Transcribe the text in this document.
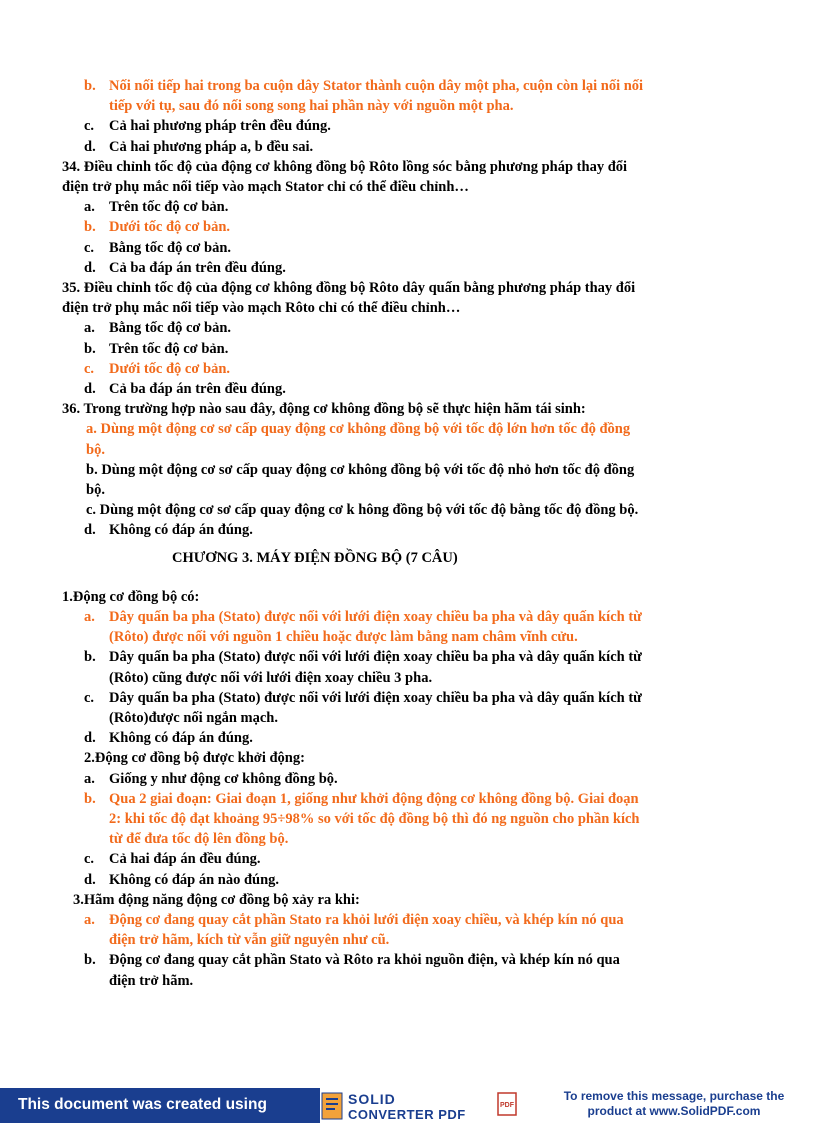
b. Nối nối tiếp hai trong ba cuộn dây Stator thành cuộn dây một pha, cuộn còn lại nối nối
tiếp với tụ, sau đó nối song song hai phần này với nguồn một pha.
c. Cả hai phương pháp trên đều đúng.
d. Cả hai phương pháp a, b đều sai.
34. Điều chỉnh tốc độ của động cơ không đồng bộ Rôto lồng sóc bằng phương pháp thay đổi
điện trở phụ mắc nối tiếp vào mạch Stator chỉ có thể điều chỉnh…
a. Trên tốc độ cơ bản.
b. Dưới tốc độ cơ bản.
c. Bằng tốc độ cơ bản.
d. Cả ba đáp án trên đều đúng.
35. Điều chỉnh tốc độ của động cơ không đồng bộ Rôto dây quấn bằng phương pháp thay đổi
điện trở phụ mắc nối tiếp vào mạch Rôto chỉ có thể điều chỉnh…
a. Bằng tốc độ cơ bản.
b. Trên tốc độ cơ bản.
c. Dưới tốc độ cơ bản.
d. Cả ba đáp án trên đều đúng.
36. Trong trường hợp nào sau đây, động cơ không đồng bộ sẽ thực hiện hãm tái sinh:
a. Dùng một động cơ sơ cấp quay động cơ không đồng bộ với tốc độ lớn hơn tốc độ đồng
bộ.
b. Dùng một động cơ sơ cấp quay động cơ không đồng bộ với tốc độ nhỏ hơn tốc độ đồng
bộ.
c. Dùng một động cơ sơ cấp quay động cơ k hông đồng bộ với tốc độ bằng tốc độ đồng bộ.
d. Không có đáp án đúng.
CHƯƠNG 3. MÁY ĐIỆN ĐỒNG BỘ (7 CÂU)
1.Động cơ đồng bộ có:
a. Dây quấn ba pha (Stato) được nối với lưới điện xoay chiều ba pha và dây quấn kích từ
(Rôto) được nối với nguồn 1 chiều hoặc được làm bằng nam châm vĩnh cửu.
b. Dây quấn ba pha (Stato) được nối với lưới điện xoay chiều ba pha và dây quấn kích từ
(Rôto) cũng được nối với lưới điện xoay chiều 3 pha.
c. Dây quấn ba pha (Stato) được nối với lưới điện xoay chiều ba pha và dây quấn kích từ
(Rôto)được nối ngắn mạch.
d. Không có đáp án đúng.
2.Động cơ đồng bộ được khởi động:
a. Giống y như động cơ không đồng bộ.
b. Qua 2 giai đoạn: Giai đoạn 1, giống như khởi động động cơ không đồng bộ. Giai đoạn
2: khi tốc độ đạt khoảng 95÷98% so với tốc độ đồng bộ thì đó ng nguồn cho phần kích
từ để đưa tốc độ lên đồng bộ.
c. Cả hai đáp án đều đúng.
d. Không có đáp án nào đúng.
3.Hãm động năng động cơ đồng bộ xảy ra khi:
a. Động cơ đang quay cắt phần Stato ra khỏi lưới điện xoay chiều, và khép kín nó qua
điện trở hãm, kích từ vẫn giữ nguyên như cũ.
b. Động cơ đang quay cắt phần Stato và Rôto ra khỏi nguồn điện, và khép kín nó qua
điện trở hãm.
This document was created using	SOLID
CONVERTER PDF
PDF
To remove this message, purchase the
product at www.SolidPDF.com
